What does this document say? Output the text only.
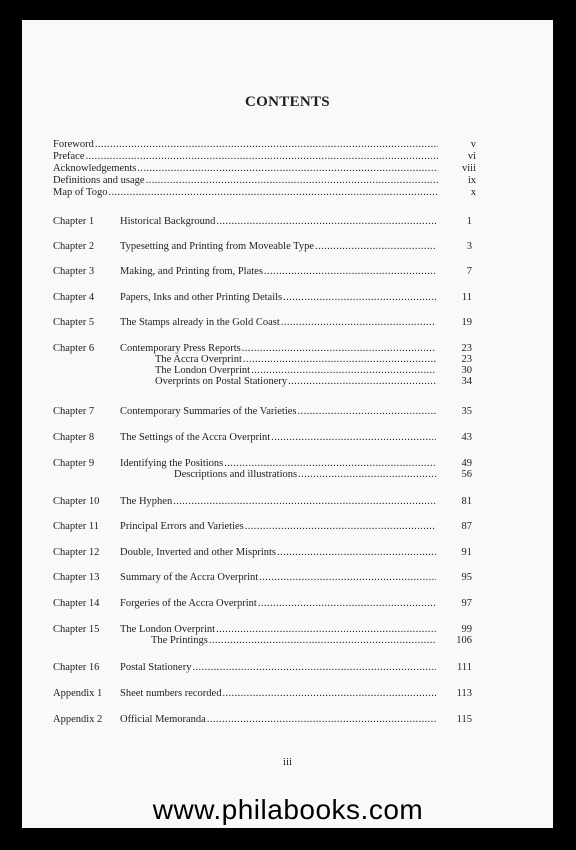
CONTENTS
Foreword .....	v
Preface .....	vi
Acknowledgements .....	viii
Definitions and usage .....	ix
Map of Togo .....	x
Chapter 1 Historical Background .....	1
Chapter 2 Typesetting and Printing from Moveable Type .....	3
Chapter 3 Making, and Printing from, Plates .....	7
Chapter 4 Papers, Inks and other Printing Details .....	11
Chapter 5 The Stamps already in the Gold Coast .....	19
Chapter 6 Contemporary Press Reports .....	23
The Accra Overprint .....	23
The London Overprint .....	30
Overprints on Postal Stationery .....	34
Chapter 7 Contemporary Summaries of the Varieties .....	35
Chapter 8 The Settings of the Accra Overprint .....	43
Chapter 9 Identifying the Positions .....	49
Descriptions and illustrations .....	56
Chapter 10 The Hyphen .....	81
Chapter 11 Principal Errors and Varieties .....	87
Chapter 12 Double, Inverted and other Misprints .....	91
Chapter 13 Summary of the Accra Overprint .....	95
Chapter 14 Forgeries of the Accra Overprint .....	97
Chapter 15 The London Overprint .....	99
The Printings .....	106
Chapter 16 Postal Stationery .....	111
Appendix 1 Sheet numbers recorded .....	113
Appendix 2 Official Memoranda .....	115
iii
www.philabooks.com
